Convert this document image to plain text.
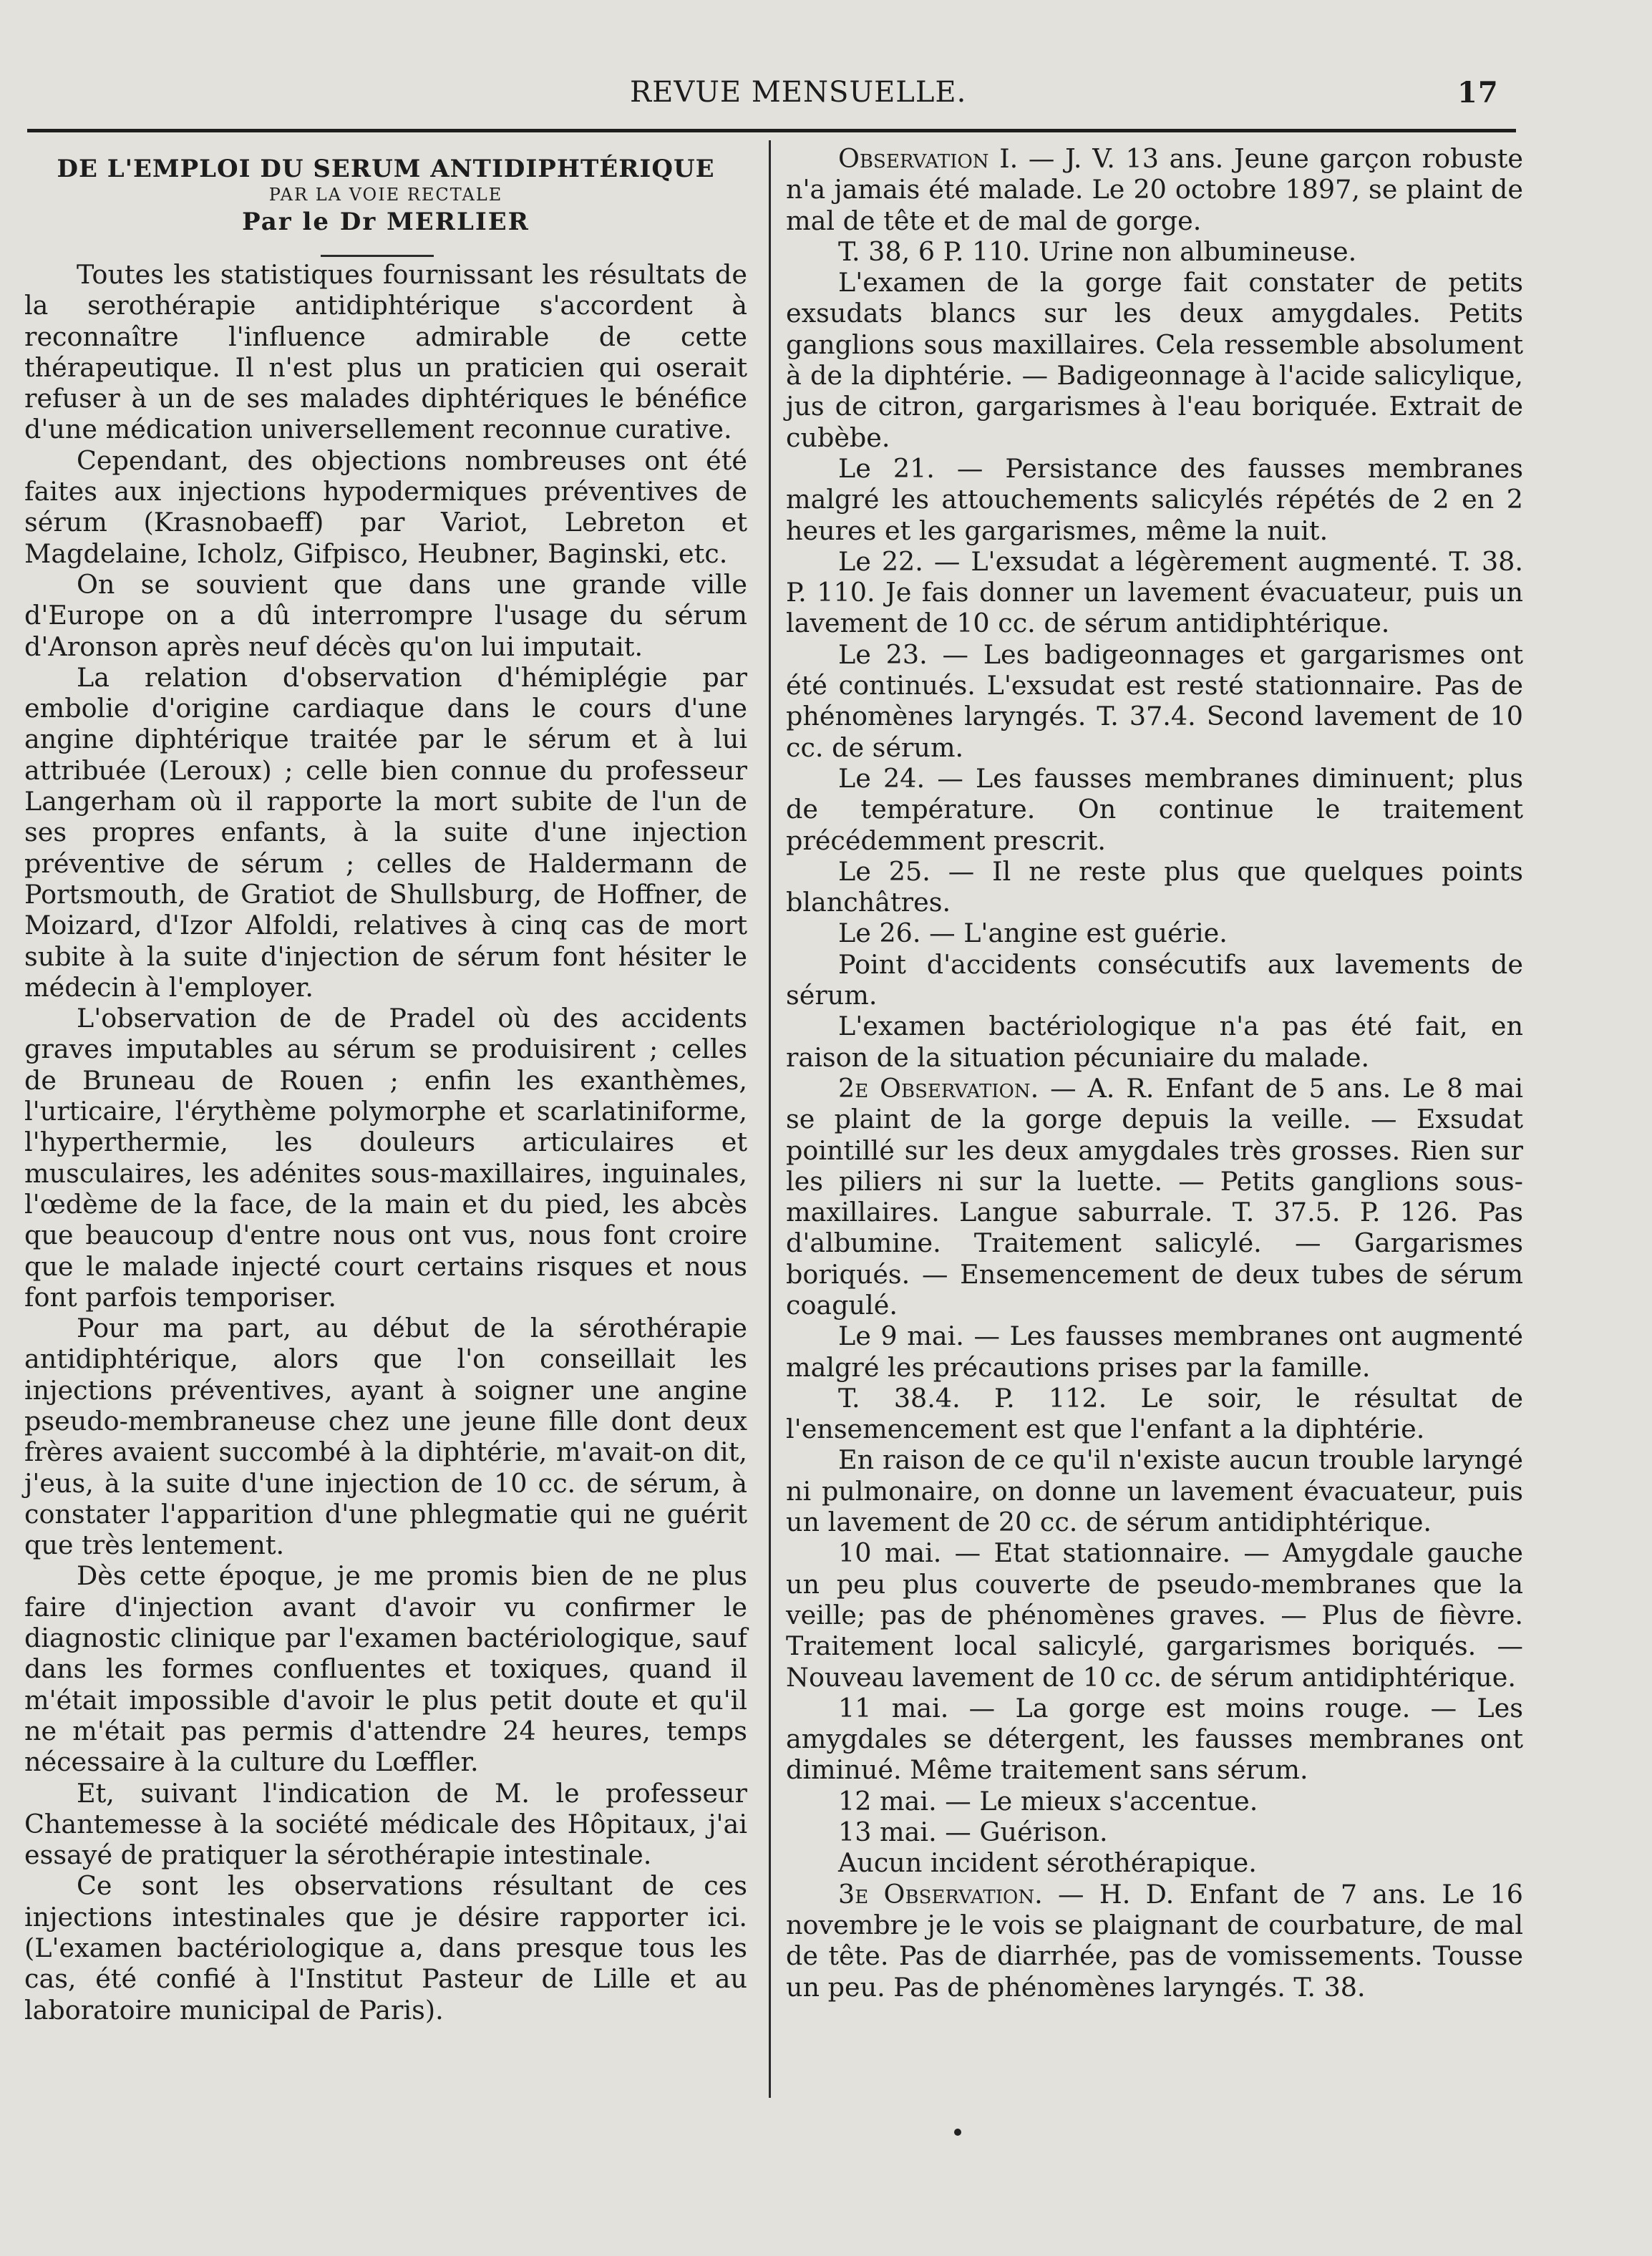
REVUE MENSUELLE.	17
DE L'EMPLOI DU SERUM ANTIDIPHTÉRIQUE
PAR LA VOIE RECTALE
Par le Dr MERLIER

Toutes les statistiques fournissant les résultats de la serothérapie antidiphtérique s'accordent à reconnaître l'influence admirable de cette thérapeutique. Il n'est plus un praticien qui oserait refuser à un de ses malades diphtériques le bénéfice d'une médication universellement reconnue curative.

Cependant, des objections nombreuses ont été faites aux injections hypodermiques préventives de sérum (Krasnobaeff) par Variot, Lebreton et Magdelaine, Icholz, Gifpisco, Heubner, Baginski, etc.

On se souvient que dans une grande ville d'Europe on a dû interrompre l'usage du sérum d'Aronson après neuf décès qu'on lui imputait.

La relation d'observation d'hémiplégie par embolie d'origine cardiaque dans le cours d'une angine diphtérique traitée par le sérum et à lui attribuée (Leroux) ; celle bien connue du professeur Langerham où il rapporte la mort subite de l'un de ses propres enfants, à la suite d'une injection préventive de sérum ; celles de Haldermann de Portsmouth, de Gratiot de Shullsburg, de Hoffner, de Moizard, d'Izor Alfoldi, relatives à cinq cas de mort subite à la suite d'injection de sérum font hésiter le médecin à l'employer.

L'observation de de Pradel où des accidents graves imputables au sérum se produisirent ; celles de Bruneau de Rouen ; enfin les exanthèmes, l'urticaire, l'érythème polymorphe et scarlatiniforme, l'hyperthermie, les douleurs articulaires et musculaires, les adénites sous-maxillaires, inguinales, l'œdème de la face, de la main et du pied, les abcès que beaucoup d'entre nous ont vus, nous font croire que le malade injecté court certains risques et nous font parfois temporiser.

Pour ma part, au début de la sérothérapie antidiphtérique, alors que l'on conseillait les injections préventives, ayant à soigner une angine pseudo-membraneuse chez une jeune fille dont deux frères avaient succombé à la diphtérie, m'avait-on dit, j'eus, à la suite d'une injection de 10 cc. de sérum, à constater l'apparition d'une phlegmatie qui ne guérit que très lentement.

Dès cette époque, je me promis bien de ne plus faire d'injection avant d'avoir vu confirmer le diagnostic clinique par l'examen bactériologique, sauf dans les formes confluentes et toxiques, quand il m'était impossible d'avoir le plus petit doute et qu'il ne m'était pas permis d'attendre 24 heures, temps nécessaire à la culture du Lœffler.

Et, suivant l'indication de M. le professeur Chantemesse à la société médicale des Hôpitaux, j'ai essayé de pratiquer la sérothérapie intestinale.

Ce sont les observations résultant de ces injections intestinales que je désire rapporter ici. (L'examen bactériologique a, dans presque tous les cas, été confié à l'Institut Pasteur de Lille et au laboratoire municipal de Paris).

Observation I. — J. V. 13 ans. Jeune garçon robuste n'a jamais été malade. Le 20 octobre 1897, se plaint de mal de tête et de mal de gorge.

T. 38, 6 P. 110. Urine non albumineuse.

L'examen de la gorge fait constater de petits exsudats blancs sur les deux amygdales. Petits ganglions sous maxillaires. Cela ressemble absolument à de la diphtérie. — Badigeonnage à l'acide salicylique, jus de citron, gargarismes à l'eau boriquée. Extrait de cubèbe.

Le 21. — Persistance des fausses membranes malgré les attouchements salicylés répétés de 2 en 2 heures et les gargarismes, même la nuit.

Le 22. — L'exsudat a légèrement augmenté. T. 38. P. 110. Je fais donner un lavement évacuateur, puis un lavement de 10 cc. de sérum antidiphtérique.

Le 23. — Les badigeonnages et gargarismes ont été continués. L'exsudat est resté stationnaire. Pas de phénomènes laryngés. T. 37.4. Second lavement de 10 cc. de sérum.

Le 24. — Les fausses membranes diminuent; plus de température. On continue le traitement précédemment prescrit.

Le 25. — Il ne reste plus que quelques points blanchâtres.

Le 26. — L'angine est guérie.

Point d'accidents consécutifs aux lavements de sérum.

L'examen bactériologique n'a pas été fait, en raison de la situation pécuniaire du malade.

2e Observation. — A. R. Enfant de 5 ans. Le 8 mai se plaint de la gorge depuis la veille. — Exsudat pointillé sur les deux amygdales très grosses. Rien sur les piliers ni sur la luette. — Petits ganglions sous-maxillaires. Langue saburrale. T. 37.5. P. 126. Pas d'albumine. Traitement salicylé. — Gargarismes boriqués. — Ensemencement de deux tubes de sérum coagulé.

Le 9 mai. — Les fausses membranes ont augmenté malgré les précautions prises par la famille.

T. 38.4. P. 112. Le soir, le résultat de l'ensemencement est que l'enfant a la diphtérie.

En raison de ce qu'il n'existe aucun trouble laryngé ni pulmonaire, on donne un lavement évacuateur, puis un lavement de 20 cc. de sérum antidiphtérique.

10 mai. — Etat stationnaire. — Amygdale gauche un peu plus couverte de pseudo-membranes que la veille; pas de phénomènes graves. — Plus de fièvre. Traitement local salicylé, gargarismes boriqués. — Nouveau lavement de 10 cc. de sérum antidiphtérique.

11 mai. — La gorge est moins rouge. — Les amygdales se détergent, les fausses membranes ont diminué. Même traitement sans sérum.

12 mai. — Le mieux s'accentue.

13 mai. — Guérison.

Aucun incident sérothérapique.

3e Observation. — H. D. Enfant de 7 ans. Le 16 novembre je le vois se plaignant de courbature, de mal de tête. Pas de diarrhée, pas de vomissements. Tousse un peu. Pas de phénomènes laryngés. T. 38.
